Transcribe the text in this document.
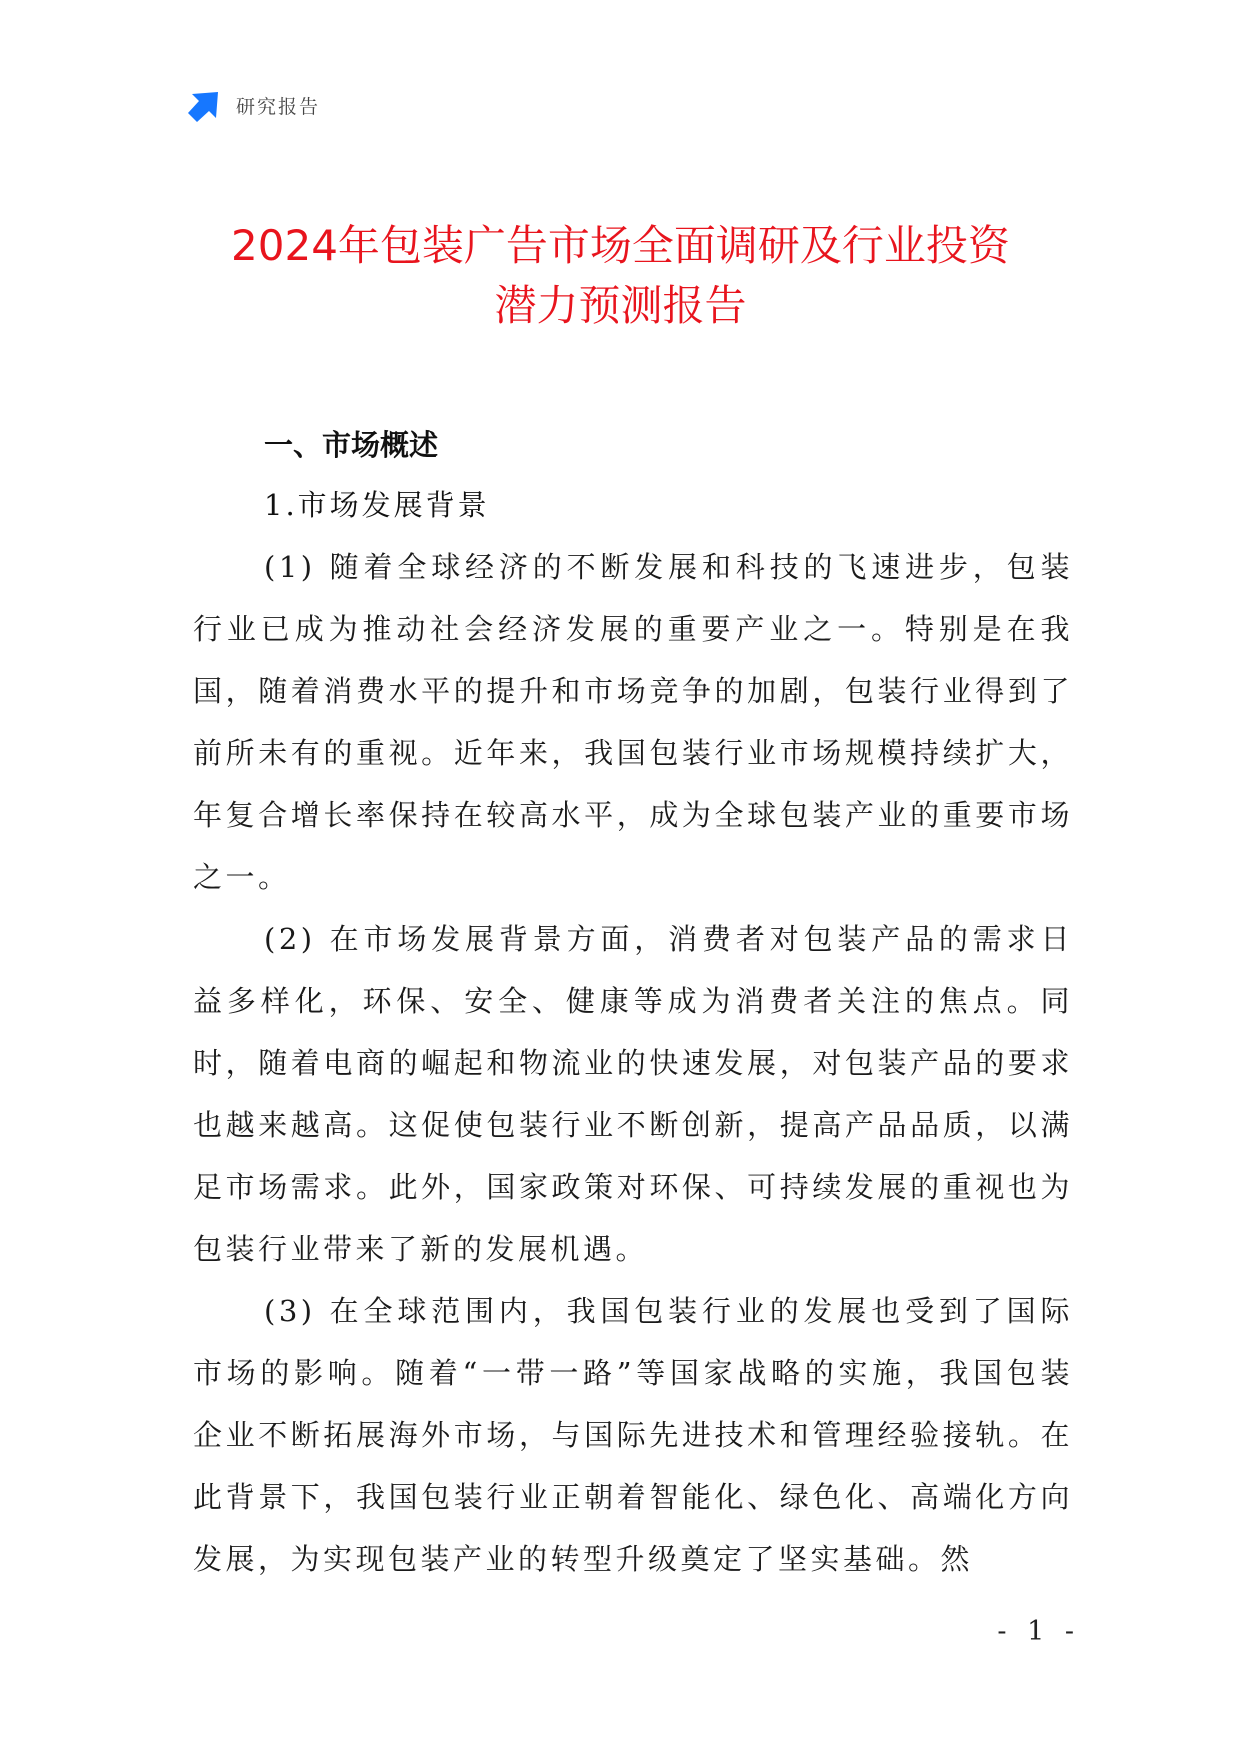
研究报告
2024年包装广告市场全面调研及行业投资
潜力预测报告
一、市场概述
1.市场发展背景

(1) 随着全球经济的不断发展和科技的飞速进步，包装行业已成为推动社会经济发展的重要产业之一。特别是在我国，随着消费水平的提升和市场竞争的加剧，包装行业得到了前所未有的重视。近年来，我国包装行业市场规模持续扩大，年复合增长率保持在较高水平，成为全球包装产业的重要市场之一。

(2) 在市场发展背景方面，消费者对包装产品的需求日益多样化，环保、安全、健康等成为消费者关注的焦点。同时，随着电商的崛起和物流业的快速发展，对包装产品的要求也越来越高。这促使包装行业不断创新，提高产品品质，以满足市场需求。此外，国家政策对环保、可持续发展的重视也为包装行业带来了新的发展机遇。

(3) 在全球范围内，我国包装行业的发展也受到了国际市场的影响。随着“一带一路”等国家战略的实施，我国包装企业不断拓展海外市场，与国际先进技术和管理经验接轨。在此背景下，我国包装行业正朝着智能化、绿色化、高端化方向发展，为实现包装产业的转型升级奠定了坚实基础。然

- 1 -
